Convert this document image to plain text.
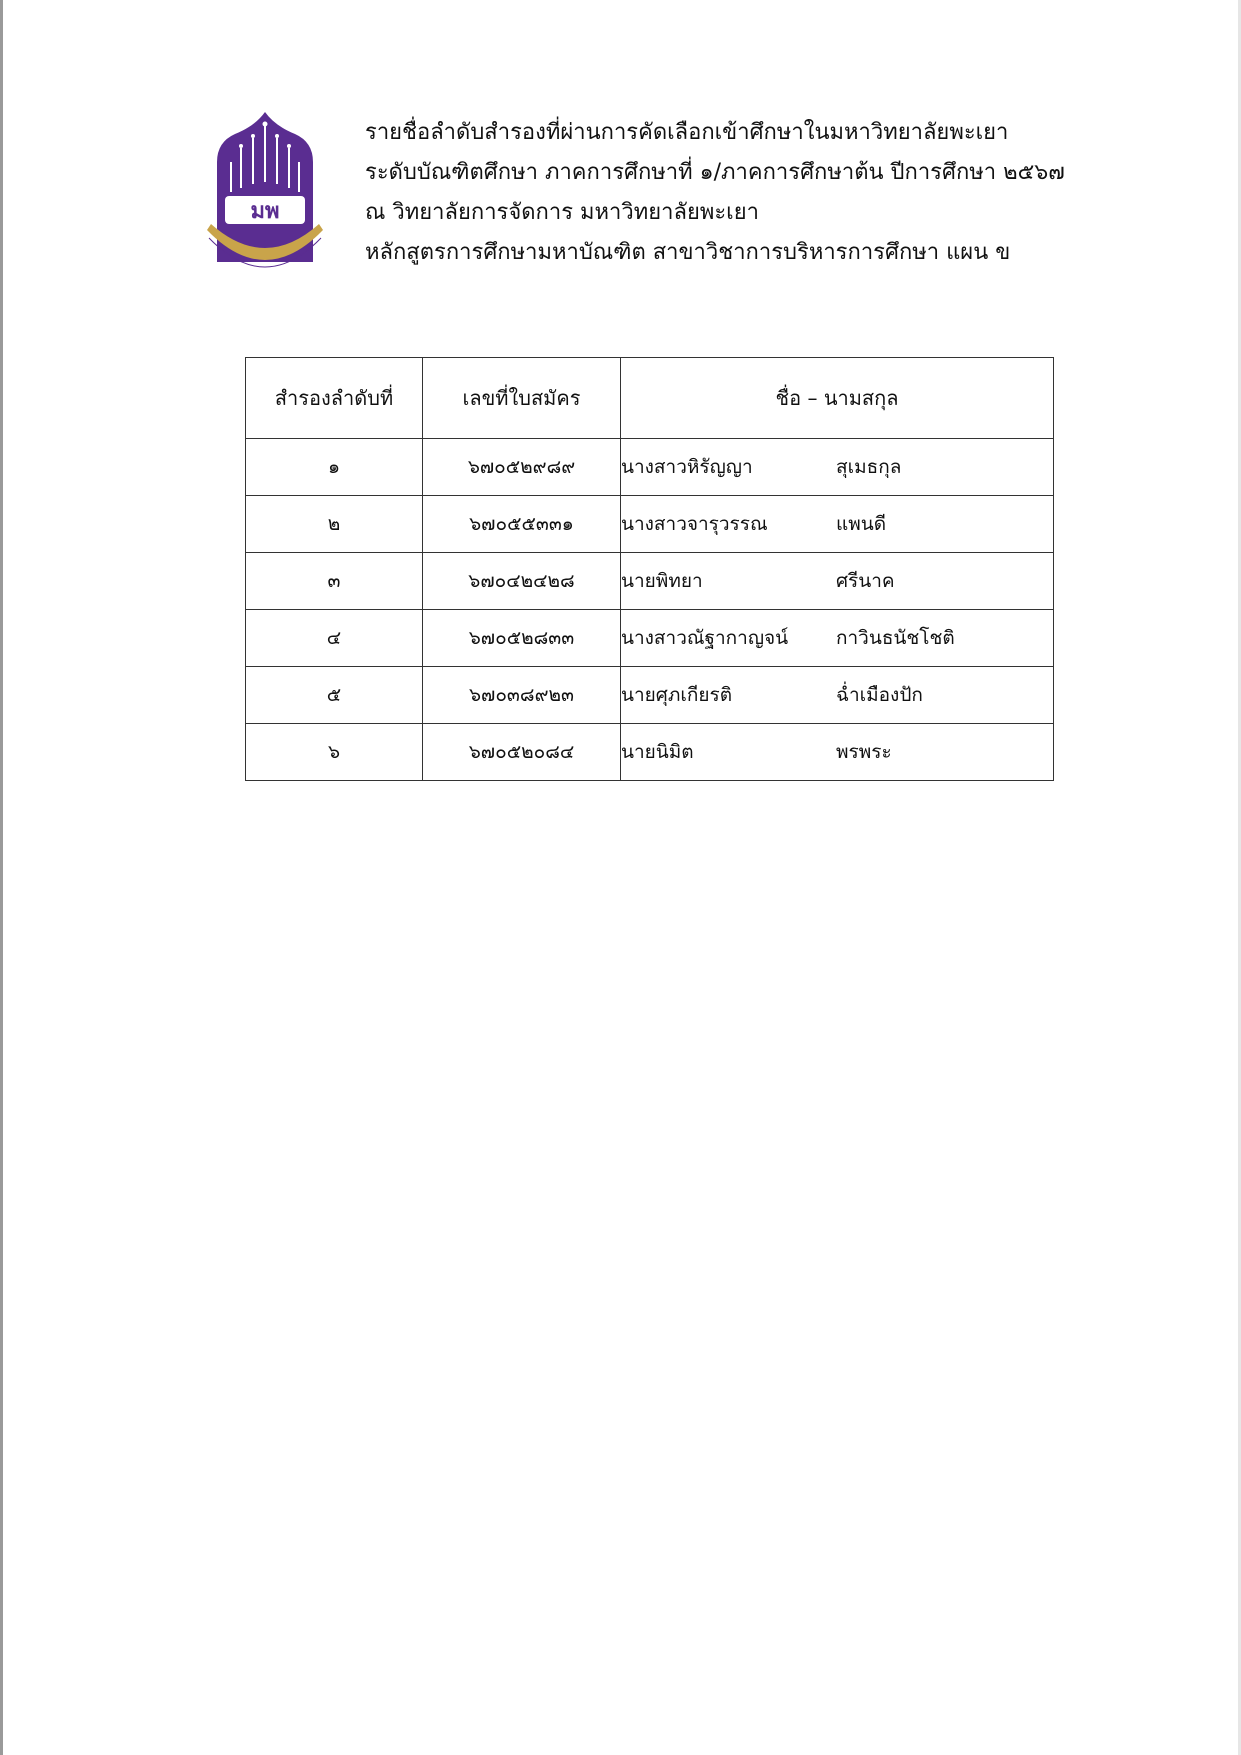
มพ
รายชื่อลำดับสำรองที่ผ่านการคัดเลือกเข้าศึกษาในมหาวิทยาลัยพะเยา
ระดับบัณฑิตศึกษา ภาคการศึกษาที่ ๑/ภาคการศึกษาต้น ปีการศึกษา ๒๕๖๗
ณ วิทยาลัยการจัดการ มหาวิทยาลัยพะเยา
หลักสูตรการศึกษามหาบัณฑิต สาขาวิชาการบริหารการศึกษา แผน ข
สำรองลำดับที่	เลขที่ใบสมัคร	ชื่อ – นามสกุล
๑	๖๗๐๕๒๙๘๙	นางสาวหิรัญญา สุเมธกุล
๒	๖๗๐๕๕๓๓๑	นางสาวจารุวรรณ แพนดี
๓	๖๗๐๔๒๔๒๘	นายพิทยา ศรีนาค
๔	๖๗๐๕๒๘๓๓	นางสาวณัฐากาญจน์ กาวินธนัชโชติ
๕	๖๗๐๓๘๙๒๓	นายศุภเกียรติ ฉ่ำเมืองปัก
๖	๖๗๐๕๒๐๘๔	นายนิมิต พรพระ
